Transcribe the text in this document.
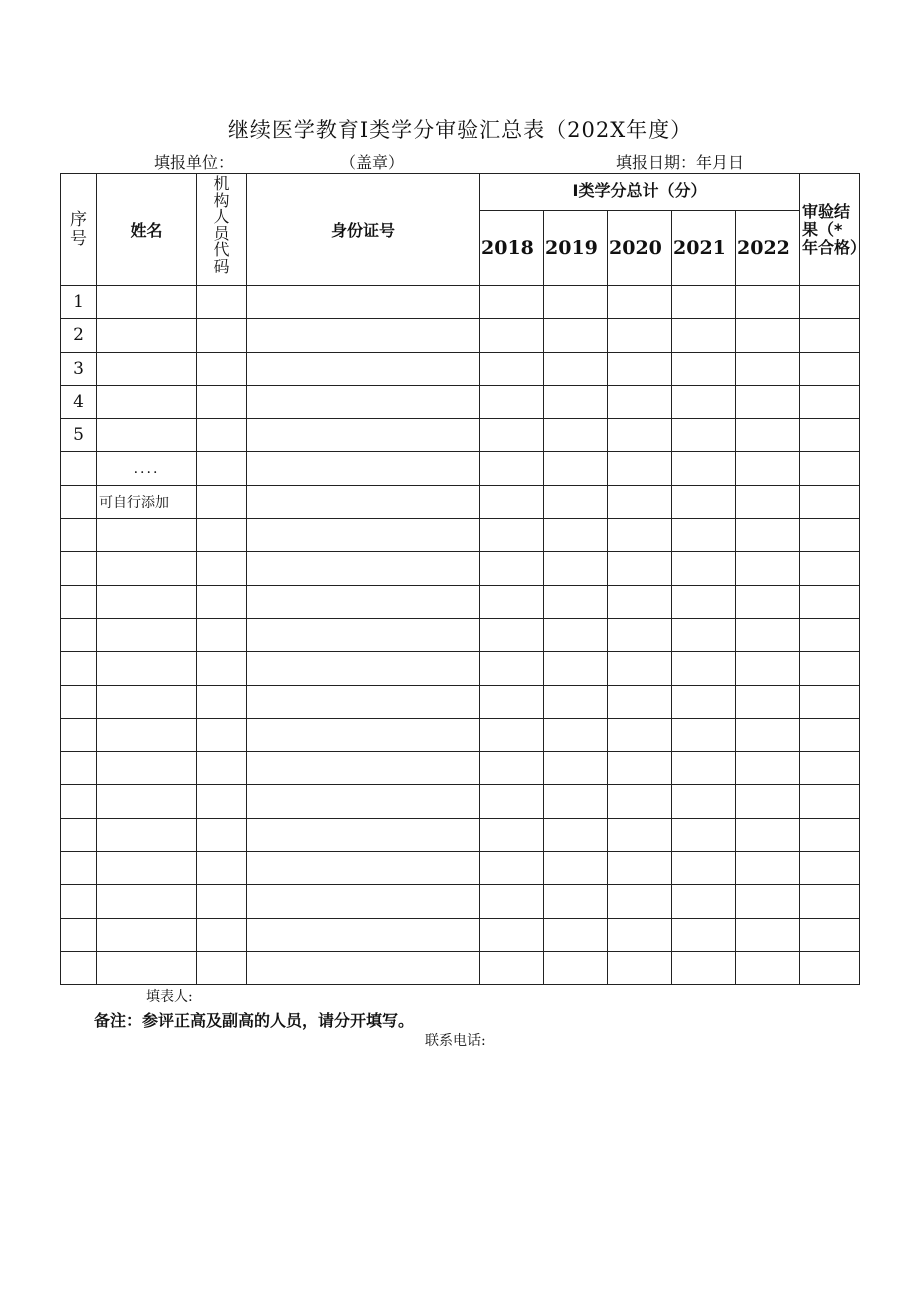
继续医学教育Ⅰ类学分审验汇总表（202X年度）
填报单位：	（盖章）	填报日期：年月日
序号	姓名	机构人员代码	身份证号	Ⅰ类学分总计（分）					审验结果（*年合格）

				2018	2019	2020	2021	2022	
1									
2									
3									
4									
5									
	....								
	可自行添加								

填表人:
备注：参评正高及副高的人员，请分开填写。
联系电话:
